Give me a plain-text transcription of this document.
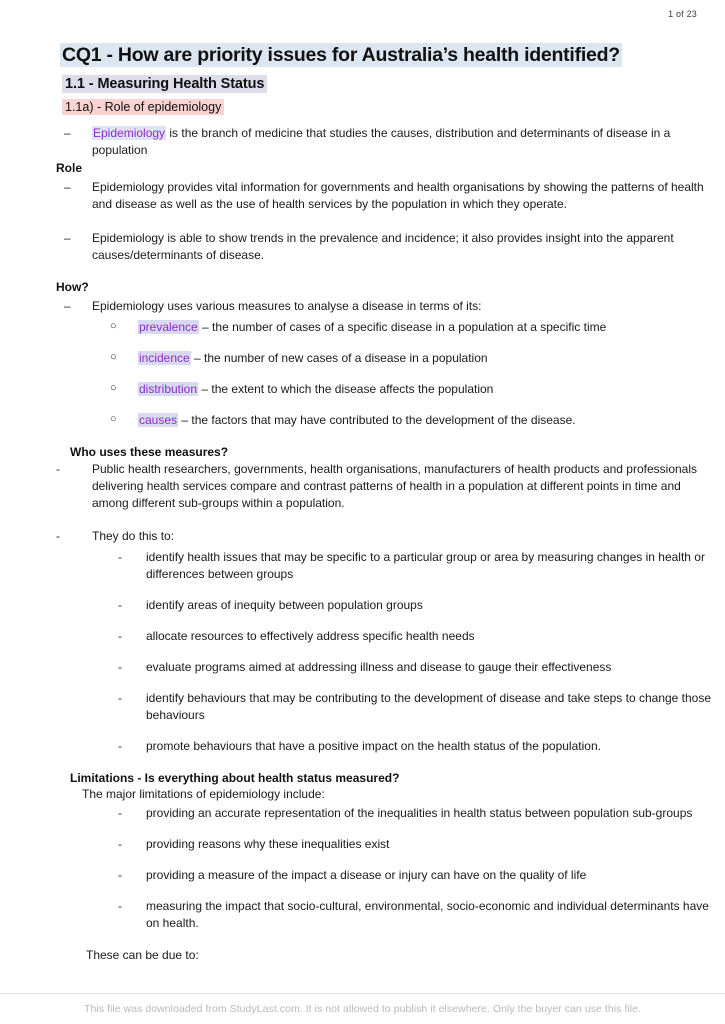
1 of 23
CQ1 - How are priority issues for Australia’s health identified?
1.1 - Measuring Health Status
1.1a) - Role of epidemiology
–	Epidemiology is the branch of medicine that studies the causes, distribution and determinants of disease in a population
Role
–	Epidemiology provides vital information for governments and health organisations by showing the patterns of health and disease as well as the use of health services by the population in which they operate.
–	Epidemiology is able to show trends in the prevalence and incidence; it also provides insight into the apparent causes/determinants of disease.
How?
–	Epidemiology uses various measures to analyse a disease in terms of its:
○	prevalence – the number of cases of a specific disease in a population at a specific time
○	incidence – the number of new cases of a disease in a population
○	distribution – the extent to which the disease affects the population
○	causes – the factors that may have contributed to the development of the disease.
Who uses these measures?
-	Public health researchers, governments, health organisations, manufacturers of health products and professionals delivering health services compare and contrast patterns of health in a population at different points in time and among different sub-groups within a population.
-	They do this to:
-	identify health issues that may be specific to a particular group or area by measuring changes in health or differences between groups
-	identify areas of inequity between population groups
-	allocate resources to effectively address specific health needs
-	evaluate programs aimed at addressing illness and disease to gauge their effectiveness
-	identify behaviours that may be contributing to the development of disease and take steps to change those behaviours
-	promote behaviours that have a positive impact on the health status of the population.
Limitations - Is everything about health status measured?
The major limitations of epidemiology include:
-	providing an accurate representation of the inequalities in health status between population sub-groups
-	providing reasons why these inequalities exist
-	providing a measure of the impact a disease or injury can have on the quality of life
-	measuring the impact that socio-cultural, environmental, socio-economic and individual determinants have on health.
These can be due to:
This file was downloaded from StudyLast.com. It is not allowed to publish it elsewhere. Only the buyer can use this file.
